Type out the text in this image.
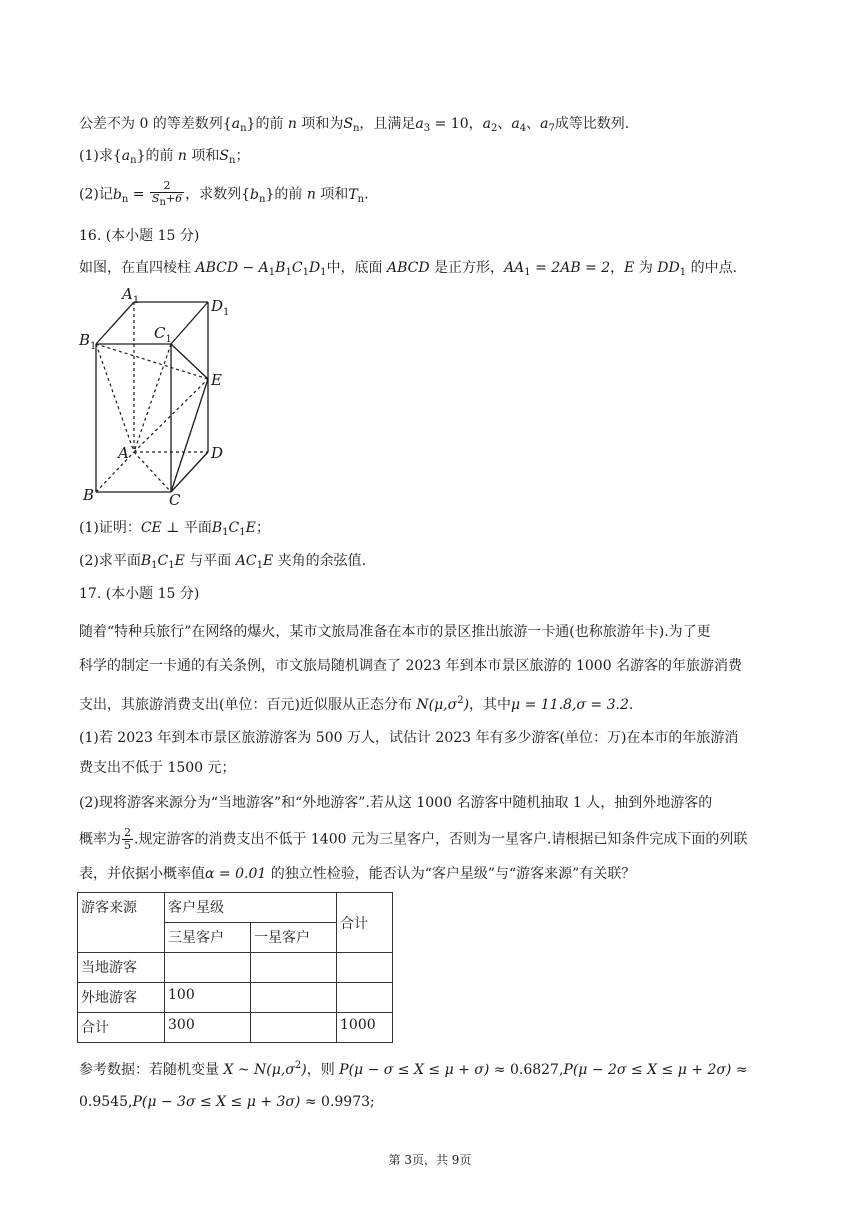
公差不为 0 的等差数列$\{a_n\}$的前 n 项和为$S_n$，且满足$a_3 = 10$，$a_2$、$a_4$、$a_7$成等比数列.
(1)求$\{a_n\}$的前 n 项和$S_n$；
(2)记$b_n = \frac{2}{Sn+6}$ ，求数列$\{b_n\}$的前 n 项和$T_n$.
16. (本小题 15 分)
如图，在直四棱柱 ABCD − $A_1B_1C_1D_1$中，底面 ABCD 是正方形，$AA_1 = 2AB = 2$，E 为 $DD_1$ 的中点.
$A_1$	$D_1$
$B_1$
$C_1$
E
A	D
B	C
(1)证明：CE ⊥ 平面$B_1C_1E$；
(2)求平面$B_1C_1E$ 与平面 $AC_1E$ 夹角的余弦值.
17. (本小题 15 分)
随着“特种兵旅行”在网络的爆火，某市文旅局准备在本市的景区推出旅游一卡通(也称旅游年卡).为了更
科学的制定一卡通的有关条例，市文旅局随机调查了 2023 年到本市景区旅游的 1000 名游客的年旅游消费
支出，其旅游消费支出(单位：百元)近似服从正态分布 $N(\mu,\sigma^2)$，其中μ = 11.8,σ = 3.2.
(1)若 2023 年到本市景区旅游游客为 500 万人，试估计 2023 年有多少游客(单位：万)在本市的年旅游消
费支出不低于 1500 元；
(2)现将游客来源分为“当地游客”和“外地游客”.若从这 1000 名游客中随机抽取 1 人，抽到外地游客的
概率为 $\frac{2}{5}$ .规定游客的消费支出不低于 1400 元为三星客户，否则为一星客户.请根据已知条件完成下面的列联
表，并依据小概率值α = 0.01 的独立性检验，能否认为“客户星级”与“游客来源”有关联？
游客来源	客户星级		合计
	三星客户	一星客户	
当地游客			
外地游客	100		
合计	300		1000
参考数据：若随机变量 X ~ $N(\mu,\sigma^2)$，则 P(μ − σ ≤ X ≤ μ + σ) ≈ 0.6827,P(μ − 2σ ≤ X ≤ μ + 2σ) ≈
0.9545,P(μ − 3σ ≤ X ≤ μ + 3σ) ≈ 0.9973;
第 3页，共 9页
